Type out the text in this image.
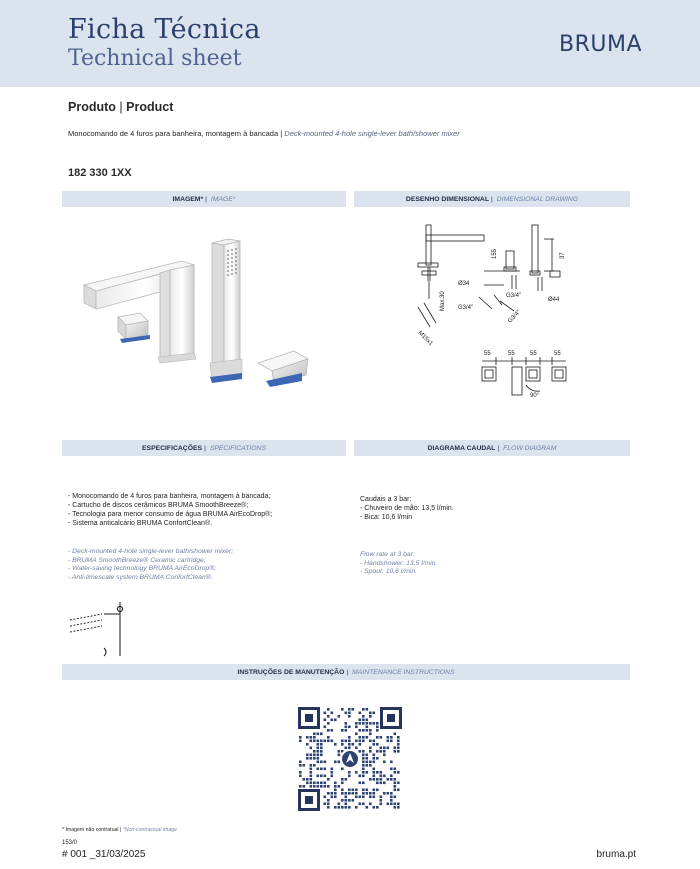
Ficha Técnica
Technical sheet
BRUMA
Produto | Product
Monocomando de 4 furos para banheira, montagem à bancada | Deck-mounted 4-hole single-lever bath/shower mixer
182 330 1XX
IMAGEM* | IMAGE*	DESENHO DIMENSIONAL | DIMENSIONAL DRAWING
155	37
Max.30
Ø34
G3/4"
G3/4"
G3/4"
Ø44
M15x1
55	55	55	55
90°
ESPECIFICAÇÕES | SPECIFICATIONS	DIAGRAMA CAUDAL | FLOW DIAGRAM
- Monocomando de 4 furos para banheira, montagem à bancada;
- Cartucho de discos cerâmicos BRUMA SmoothBreeze®;
- Tecnologia para menor consumo de água BRUMA AirEcoDrop®;
- Sistema anticalcário BRUMA ConfortClean®.
- Deck-mounted 4-hole single-lever bath/shower mixer;
- BRUMA SmoothBreeze® Ceramic cartridge;
- Water-saving technology BRUMA AirEcoDrop®;
- Anti-limescale system BRUMA ConfortClean®.
Caudais a 3 bar:
- Chuveiro de mão: 13,5 l/min.
- Bica: 10,6 l/min
Flow rate at 3 bar:
- Handshower: 13,5 l/min.
- Spout: 10,6 l/min.
INSTRUÇÕES DE MANUTENÇÃO | MAINTENANCE INSTRUCTIONS
* Imagem não contratual | *Non-contractual image
153/0
# 001 _31/03/2025	bruma.pt
